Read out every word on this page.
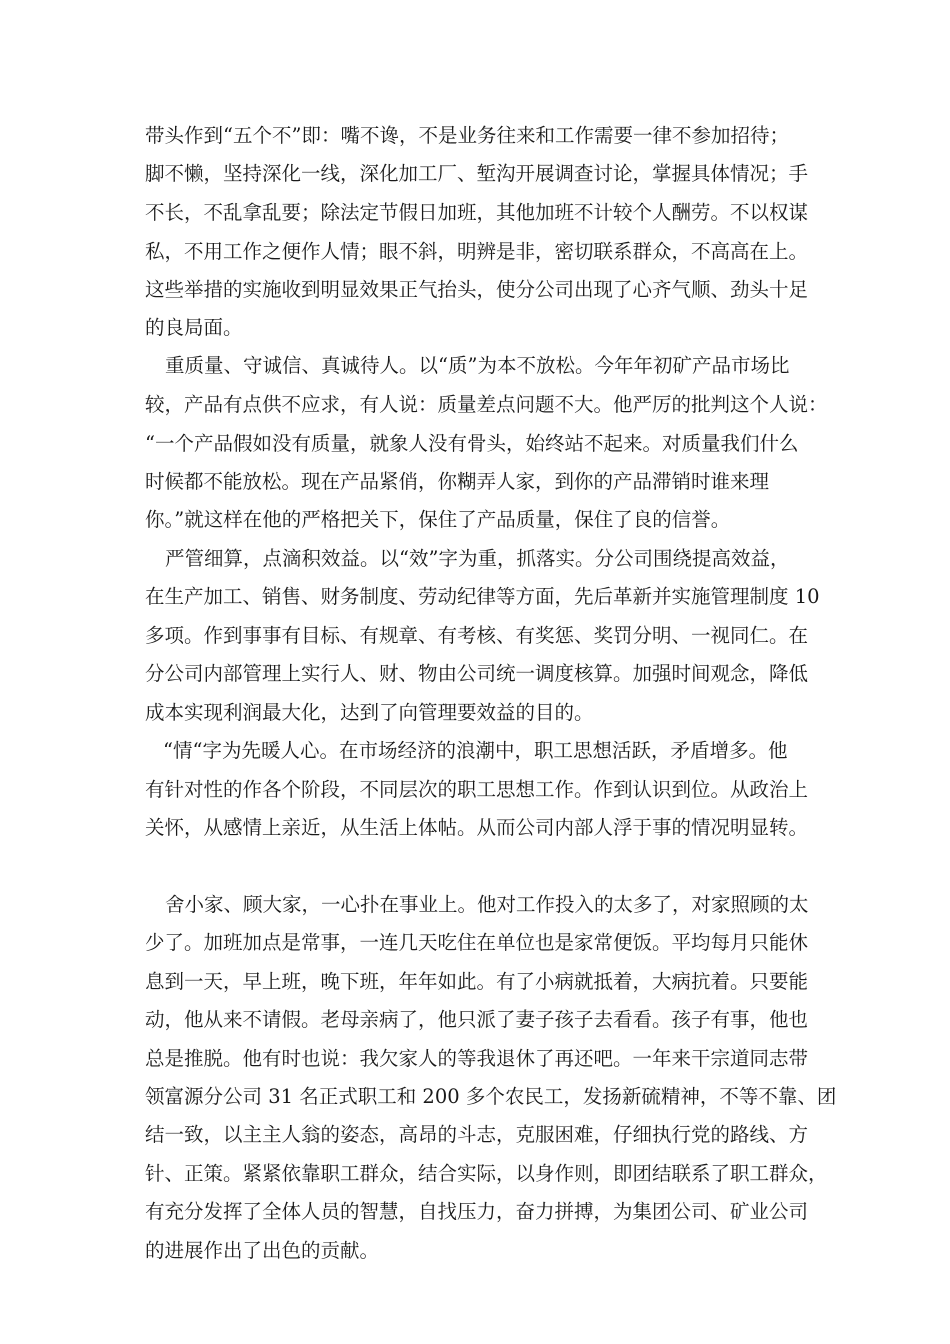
带头作到“五个不”即：嘴不谗，不是业务往来和工作需要一律不参加招待；
脚不懒，坚持深化一线，深化加工厂、堑沟开展调查讨论，掌握具体情况；手
不长，不乱拿乱要；除法定节假日加班，其他加班不计较个人酬劳。不以权谋
私，不用工作之便作人情；眼不斜，明辨是非，密切联系群众，不高高在上。
这些举措的实施收到明显效果正气抬头，使分公司出现了心齐气顺、劲头十足
的良局面。
重质量、守诚信、真诚待人。以“质”为本不放松。今年年初矿产品市场比
较，产品有点供不应求，有人说：质量差点问题不大。他严厉的批判这个人说：
“一个产品假如没有质量，就象人没有骨头，始终站不起来。对质量我们什么
时候都不能放松。现在产品紧俏，你糊弄人家，到你的产品滞销时谁来理
你。”就这样在他的严格把关下，保住了产品质量，保住了良的信誉。
严管细算，点滴积效益。以“效”字为重，抓落实。分公司围绕提高效益，
在生产加工、销售、财务制度、劳动纪律等方面，先后革新并实施管理制度 10
多项。作到事事有目标、有规章、有考核、有奖惩、奖罚分明、一视同仁。在
分公司内部管理上实行人、财、物由公司统一调度核算。加强时间观念，降低
成本实现利润最大化，达到了向管理要效益的目的。
“情“字为先暖人心。在市场经济的浪潮中，职工思想活跃，矛盾增多。他
有针对性的作各个阶段，不同层次的职工思想工作。作到认识到位。从政治上
关怀，从感情上亲近，从生活上体帖。从而公司内部人浮于事的情况明显转。
舍小家、顾大家，一心扑在事业上。他对工作投入的太多了，对家照顾的太
少了。加班加点是常事，一连几天吃住在单位也是家常便饭。平均每月只能休
息到一天，早上班，晚下班，年年如此。有了小病就抵着，大病抗着。只要能
动，他从来不请假。老母亲病了，他只派了妻子孩子去看看。孩子有事，他也
总是推脱。他有时也说：我欠家人的等我退休了再还吧。一年来干宗道同志带
领富源分公司 31 名正式职工和 200 多个农民工，发扬新硫精神，不等不靠、团
结一致，以主主人翁的姿态，高昂的斗志，克服困难，仔细执行党的路线、方
针、正策。紧紧依靠职工群众，结合实际，以身作则，即团结联系了职工群众，
有充分发挥了全体人员的智慧，自找压力，奋力拼搏，为集团公司、矿业公司
的进展作出了出色的贡献。
